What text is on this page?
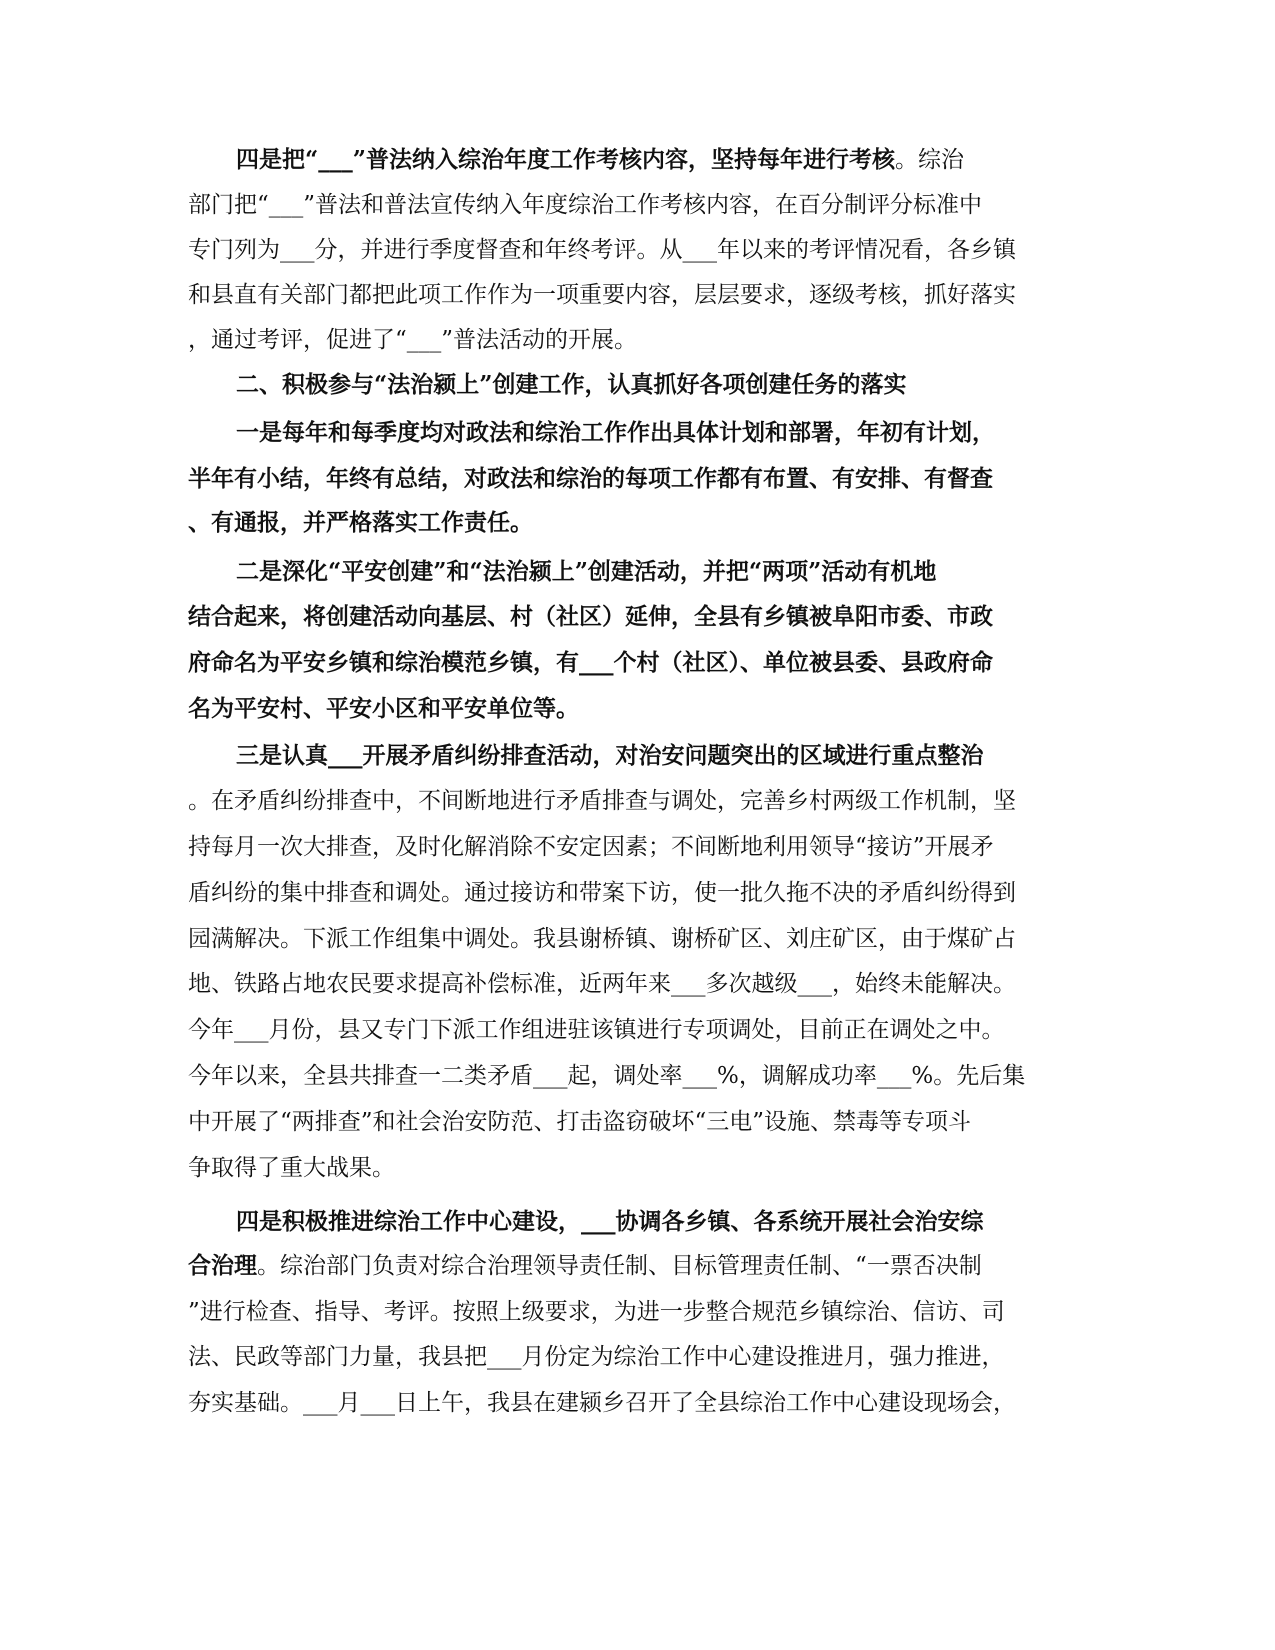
四是把“___”普法纳入综治年度工作考核内容，坚持每年进行考核。综治
部门把“___”普法和普法宣传纳入年度综治工作考核内容，在百分制评分标准中
专门列为___分，并进行季度督查和年终考评。从___年以来的考评情况看，各乡镇
和县直有关部门都把此项工作作为一项重要内容，层层要求，逐级考核，抓好落实
，通过考评，促进了“___”普法活动的开展。
二、积极参与“法治颍上”创建工作，认真抓好各项创建任务的落实
一是每年和每季度均对政法和综治工作作出具体计划和部署，年初有计划，
半年有小结，年终有总结，对政法和综治的每项工作都有布置、有安排、有督查
、有通报，并严格落实工作责任。
二是深化“平安创建”和“法治颍上”创建活动，并把“两项”活动有机地
结合起来，将创建活动向基层、村（社区）延伸，全县有乡镇被阜阳市委、市政
府命名为平安乡镇和综治模范乡镇，有___个村（社区）、单位被县委、县政府命
名为平安村、平安小区和平安单位等。
三是认真___开展矛盾纠纷排查活动，对治安问题突出的区域进行重点整治
。在矛盾纠纷排查中，不间断地进行矛盾排查与调处，完善乡村两级工作机制，坚
持每月一次大排查，及时化解消除不安定因素；不间断地利用领导“接访”开展矛
盾纠纷的集中排查和调处。通过接访和带案下访，使一批久拖不决的矛盾纠纷得到
园满解决。下派工作组集中调处。我县谢桥镇、谢桥矿区、刘庄矿区，由于煤矿占
地、铁路占地农民要求提高补偿标准，近两年来___多次越级___，始终未能解决。
今年___月份，县又专门下派工作组进驻该镇进行专项调处，目前正在调处之中。
今年以来，全县共排查一二类矛盾___起，调处率___%，调解成功率___%。先后集
中开展了“两排查”和社会治安防范、打击盗窃破坏“三电”设施、禁毒等专项斗
争取得了重大战果。
四是积极推进综治工作中心建设，___协调各乡镇、各系统开展社会治安综
合治理。综治部门负责对综合治理领导责任制、目标管理责任制、“一票否决制
”进行检查、指导、考评。按照上级要求，为进一步整合规范乡镇综治、信访、司
法、民政等部门力量，我县把___月份定为综治工作中心建设推进月，强力推进，
夯实基础。___月___日上午，我县在建颍乡召开了全县综治工作中心建设现场会，
